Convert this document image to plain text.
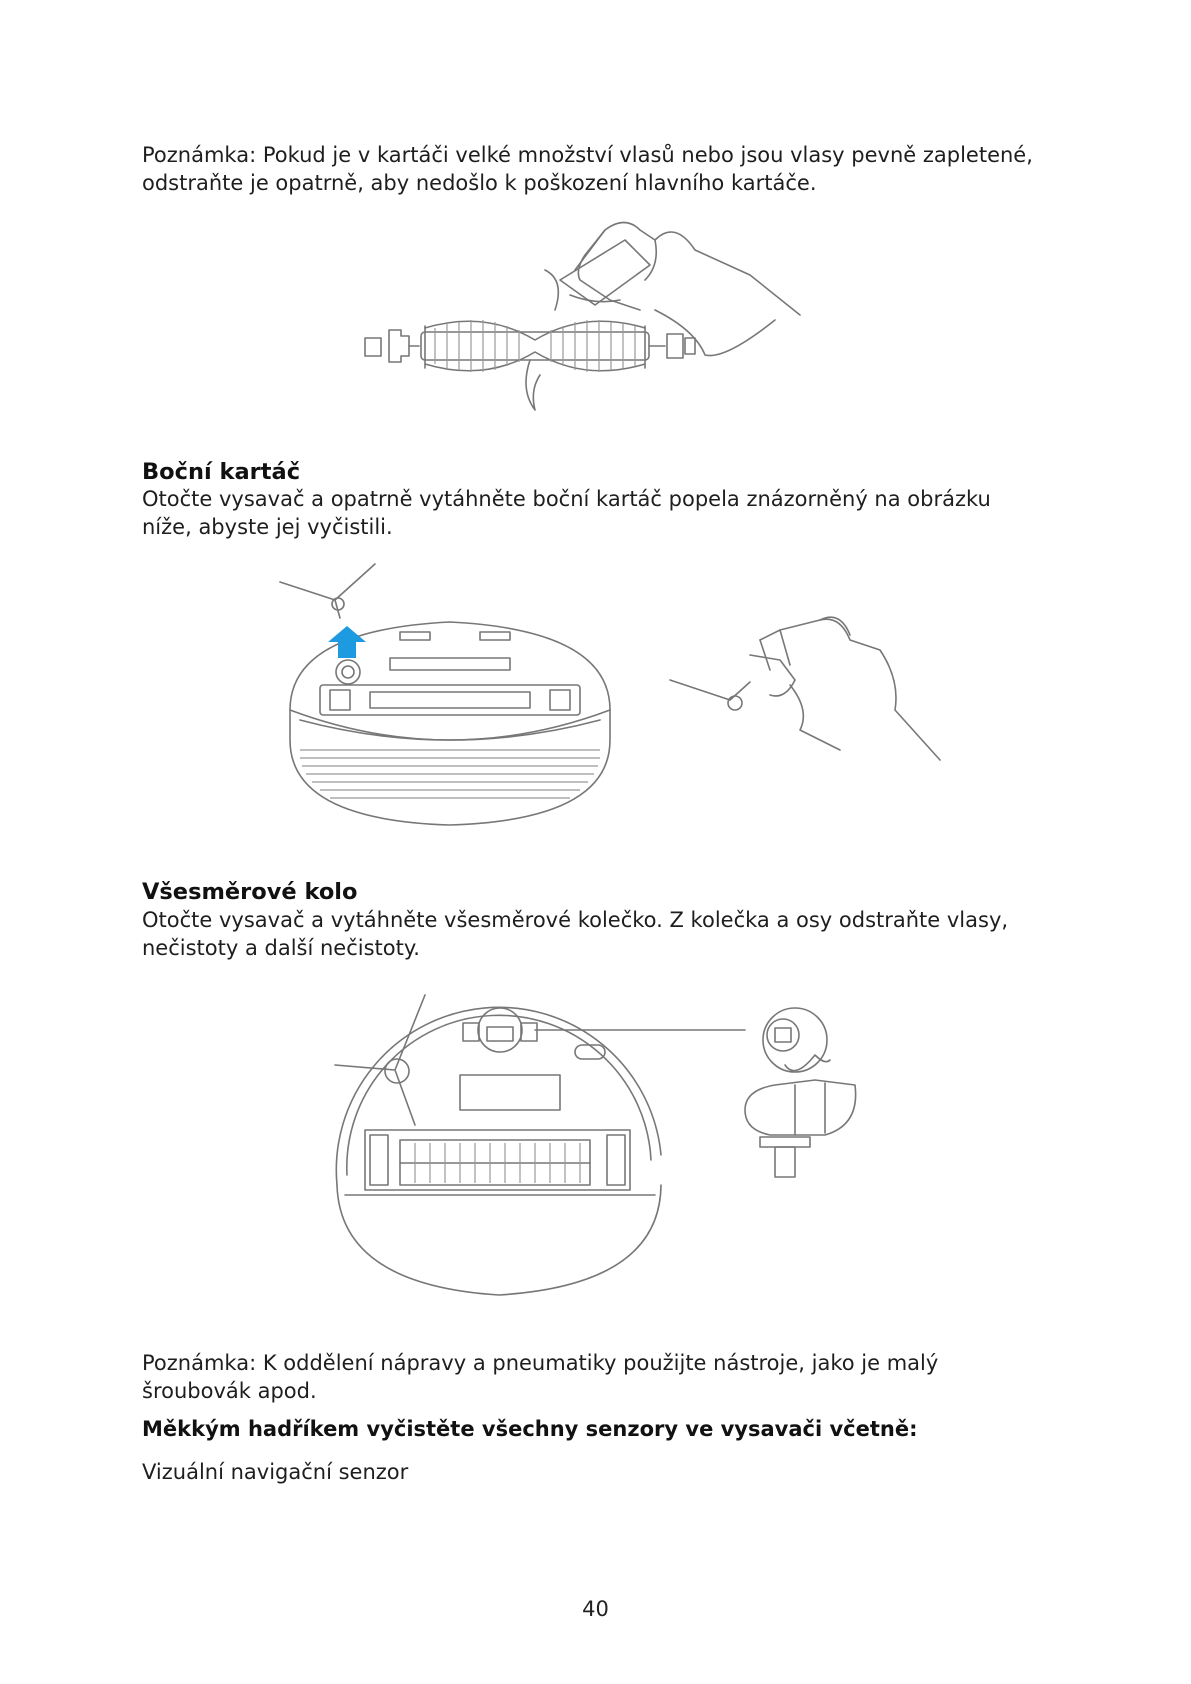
Poznámka: Pokud je v kartáči velké množství vlasů nebo jsou vlasy pevně zapletené, odstraňte je opatrně, aby nedošlo k poškození hlavního kartáče.

Boční kartáč

Otočte vysavač a opatrně vytáhněte boční kartáč popela znázorněný na obrázku níže, abyste jej vyčistili.

Všesměrové kolo

Otočte vysavač a vytáhněte všesměrové kolečko. Z kolečka a osy odstraňte vlasy, nečistoty a další nečistoty.

Poznámka: K oddělení nápravy a pneumatiky použijte nástroje, jako je malý šroubovák apod.

Měkkým hadříkem vyčistěte všechny senzory ve vysavači včetně:

Vizuální navigační senzor

40
